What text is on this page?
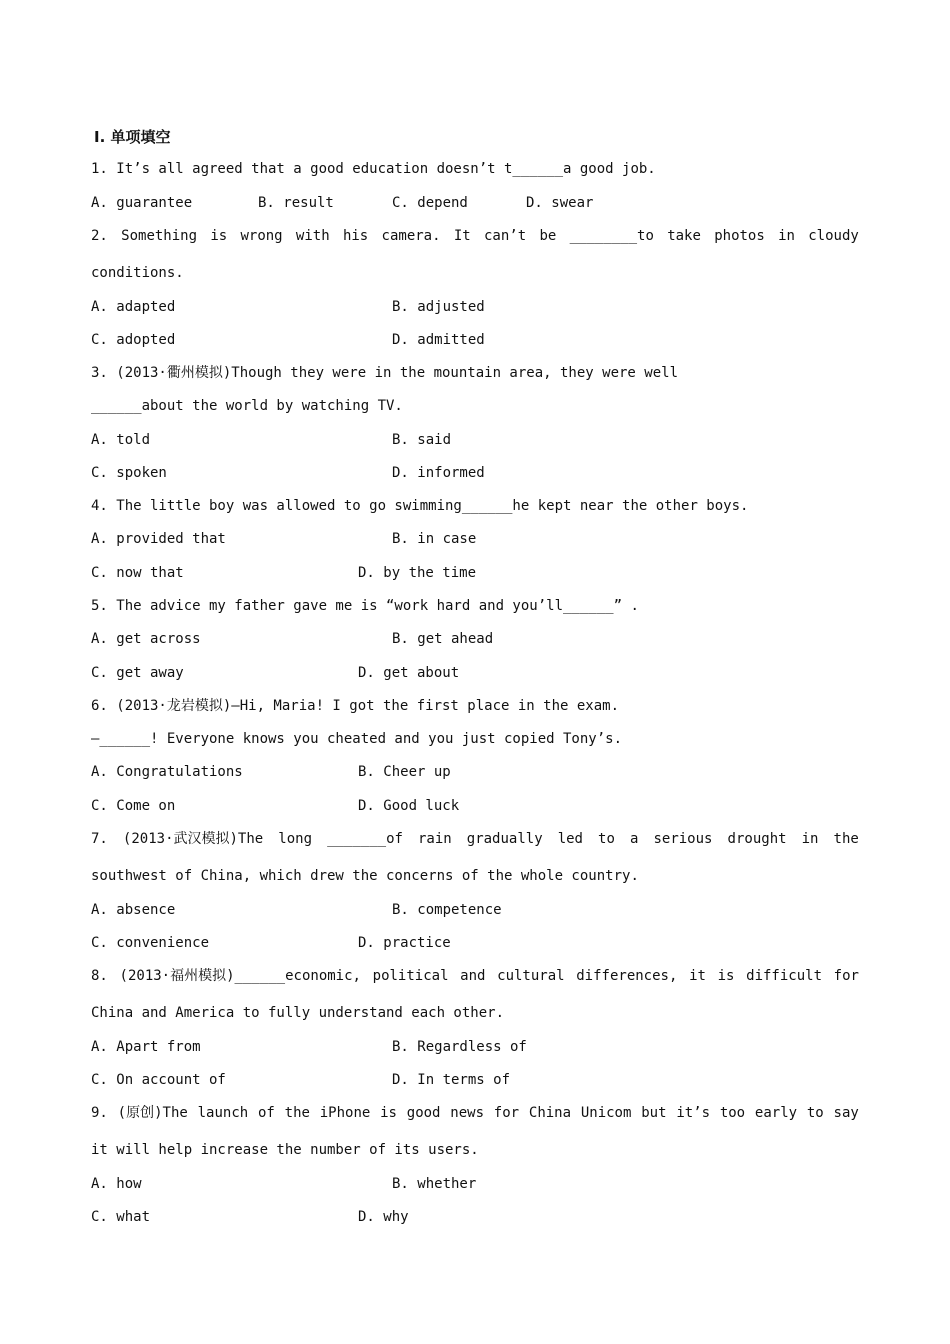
Ⅰ. 单项填空
1. It’s all agreed that a good education doesn’t t______a good job.
A. guarantee	B. result	C. depend	D. swear
2. Something is wrong with his camera. It can’t be ________to take photos in cloudy
conditions.
A. adapted	B. adjusted
C. adopted	D. admitted
3. (2013·衢州模拟)Though they were in the mountain area, they were well
______about the world by watching TV.
A. told	B. said
C. spoken	D. informed
4. The little boy was allowed to go swimming______he kept near the other boys.
A. provided that	B. in case
C. now that	D. by the time
5. The advice my father gave me is “work hard and you’ll______” .
A. get across	B. get ahead
C. get away	D. get about
6. (2013·龙岩模拟)—Hi, Maria! I got the first place in the exam.
—______! Everyone knows you cheated and you just copied Tony’s.
A. Congratulations	B. Cheer up
C. Come on	D. Good luck
7. (2013·武汉模拟)The long _______of rain gradually led to a serious drought in the
southwest of China, which drew the concerns of the whole country.
A. absence	B. competence
C. convenience	D. practice
8. (2013·福州模拟)______economic, political and cultural differences, it is difficult for
China and America to fully understand each other.
A. Apart from	B. Regardless of
C. On account of	D. In terms of
9. (原创)The launch of the iPhone is good news for China Unicom but it’s too early to say
it will help increase the number of its users.
A. how	B. whether
C. what	D. why
